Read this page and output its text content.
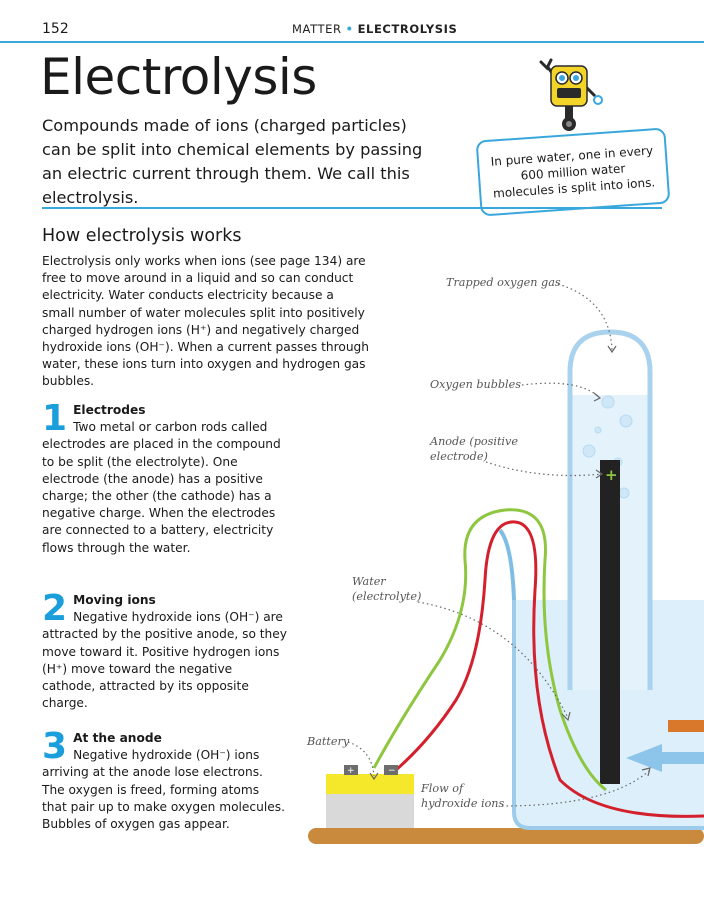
152	MATTER • ELECTROLYSIS
Electrolysis

Compounds made of ions (charged particles) can be split into chemical elements by passing an electric current through them. We call this electrolysis.

In pure water, one in every 600 million water molecules is split into ions.

How electrolysis works

Electrolysis only works when ions (see page 134) are free to move around in a liquid and so can conduct electricity. Water conducts electricity because a small number of water molecules split into positively charged hydrogen ions (H⁺) and negatively charged hydroxide ions (OH⁻). When a current passes through water, these ions turn into oxygen and hydrogen gas bubbles.

1 Electrodes
Two metal or carbon rods called electrodes are placed in the compound to be split (the electrolyte). One electrode (the anode) has a positive charge; the other (the cathode) has a negative charge. When the electrodes are connected to a battery, electricity flows through the water.
2 Moving ions
Negative hydroxide ions (OH⁻) are attracted by the positive anode, so they move toward it. Positive hydrogen ions (H⁺) move toward the negative cathode, attracted by its opposite charge.
3 At the anode
Negative hydroxide (OH⁻) ions arriving at the anode lose electrons. The oxygen is freed, forming atoms that pair up to make oxygen molecules. Bubbles of oxygen gas appear.
+
+	−
Trapped oxygen gas
Oxygen bubbles
Anode (positive
electrode)
Water
(electrolyte)
Battery
Flow of
hydroxide ions
